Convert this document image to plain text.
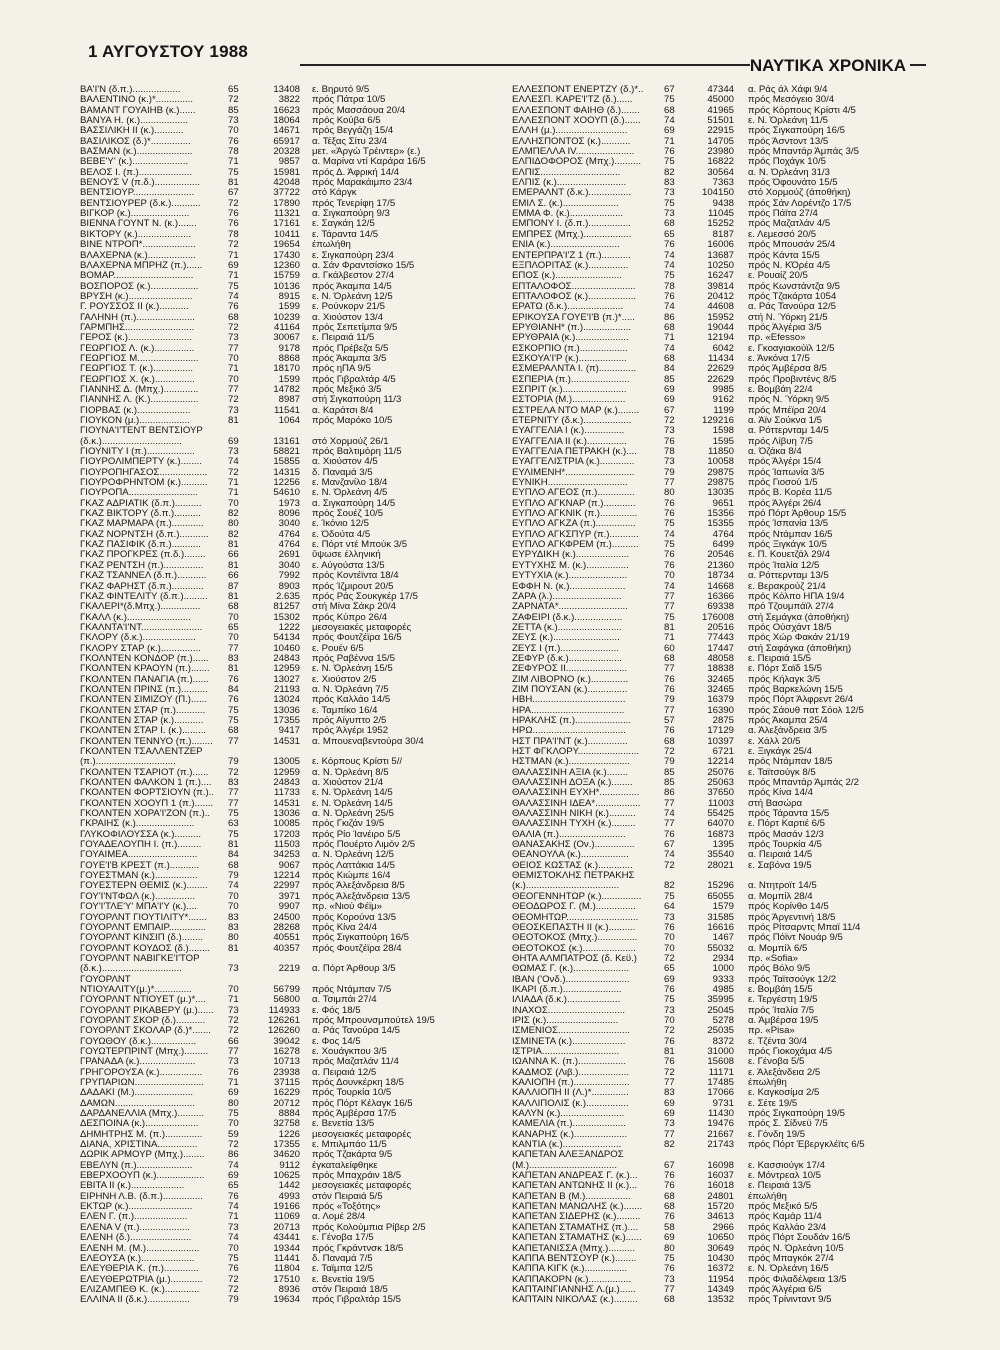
1 ΑΥΓΟΥΣΤΟΥ 1988
ΝΑΥΤΙΚΑ ΧΡΟΝΙΚΑ
ΒΑ'Ι'Ν (δ.π.)..................	65	13408 ε. Βηρυτό 9/5
ΒΑΛΕΝΤΙΝΟ (κ.)*..............	72	3822 πρός Πάτρα 10/5
ΒΑΜΑΝΤ ΓΟΥΑΙΗΒ (κ.)......	85	16623 πρός Μασσάουα 20/4
ΒΑΝΥΑ Η. (κ.)..................	73	18064 πρός Κούβα 6/5
ΒΑΣΣΙΛΙΚΗ ΙΙ (κ.)...........	70	14671 πρός Βεγγάζη 15/4
ΒΑΣΙΛΙΚΟΣ (δ.)*...............	76	65917 α. Τέξας Σίτυ 23/4
ΒΑΣΜΑΝ (κ.).....................	78	20328 μετ. «Άργώ Τρέιντερ» (ε.)
ΒΕΒΕ'Υ' (κ.).....................	71	9857 α. Μαρίνα ντί Καράρα 16/5
ΒΕΛΟΣ Ι. (π.)....................	75	15981 πρός Δ. Άφρική 14/4
ΒΕΝΟΥΣ V (π.δ.).................	81	42048 πρός Μαρακάιμπο 23/4
ΒΕΝΤΣΙΟΥΡ.......................	67	37722 στό Κάργκ
ΒΕΝΤΣΙΟΥΡΕΡ (δ.κ.)...........	72	17890 πρός Τενερίφη 17/5
ΒΙΓΚΟΡ (κ.)......................	76	11321 α. Σιγκαπούρη 9/3
ΒΙΕΝΝΑ ΓΟΥΝΤ Ν. (κ.).......	76	17161 ε. Σαγκάη 12/5
ΒΙΚΤΟΡΥ (κ.)....................	78	10411 ε. Τάραντα 14/5
ΒΙΝΕ ΝΤΡΟΠ*....................	72	19654 έπωλήθη
ΒΛΑΧΕΡΝΑ (κ.)..................	71	17430 ε. Σιγκαπούρη 23/4
ΒΛΑΧΕΡΝΑ ΜΠΡΗΖ (π.)......	69	12360 α. Σάν Φραντσίσκο 15/5
ΒΟΜΑΡ..............................	71	15759 α. Γκάλβεστον 27/4
ΒΟΣΠΟΡΟΣ (κ.)..................	75	10136 πρός Άκαμπα 14/5
ΒΡΥΣΗ (κ.)........................	74	8915 ε. Ν. Όρλεάνη 12/5
Γ. ΡΟΥΣΣΟΣ ΙΙ (κ.)...........	76	1599 ε. Ρούνκορν 21/5
ΓΑΛΗΝΗ (π.)......................	68	10239 α. Χιούστον 13/4
ΓΑΡΜΠΗΣ..........................	72	41164 πρός Σεπετίμπα 9/5
ΓΕΡΟΣ (κ.)........................	73	30067 ε. Πειραιά 11/5
ΓΕΩΡΓΙΟΣ Λ. (κ.)...............	77	9178 πρός Πρέβεζα 5/5
ΓΕΩΡΓΙΟΣ Μ.......................	70	8868 πρός Άκαμπα 3/5
ΓΕΩΡΓΙΟΣ Τ. (κ.)...............	71	18170 πρός ηΠΑ 9/5
ΓΕΩΡΓΙΟΣ Χ. (κ.)...............	70	1599 πρός Γιβραλτάρ 4/5
ΓΙΑΝΝΗΣ Δ. (Μπχ.).............	77	14782 πρός Μεξικό 3/5
ΓΙΑΝΝΗΣ Λ. (Κ.)..................	72	8987 στή Σιγκαπούρη 11/3
ΓΙΟΡΒΑΣ (κ.)....................	73	11541 α. Καράτσι 8/4
ΓΙΟΥΚΟΝ (μ.)...................	81	1064 πρός Μαρόκο 10/5
ΓΙΟΥΝΑ'Ι'ΤΕΝΤ ΒΕΝΤΣΙΟΥΡ
(δ.κ.)..............................	69	13161 στό Χορμούζ 26/1
ΓΙΟΥΝΙΤΥ Ι (π.)..................	73	58821 πρός Βαλτιμόρη 11/5
ΓΙΟΥΡΟΛΙΜΠΕΡΤΥ (κ.)........	74	15855 α. Χιούστον 4/5
ΓΙΟΥΡΟΠΗΓΑΣΟΣ..................	72	14315 δ. Παναμά 3/5
ΓΙΟΥΡΟΦΡΗΝΤΟΜ (κ.)..........	71	12256 ε. Μανζανίλο 18/4
ΓΙΟΥΡΟΠΑ..........................	71	54610 ε. Ν. Όρλεάνη 4/5
ΓΚΑΖ ΑΔΡΙΑΤΙΚ (δ.π.)..........	70	1973 α. Σιγκαπούρη 14/5
ΓΚΑΖ ΒΙΚΤΟΡΥ (δ.π.)..........	82	8096 πρός Σουέζ 10/5
ΓΚΑΖ ΜΑΡΜΑΡΑ (π.)............	80	3040 ε. Ίκόνιο 12/5
ΓΚΑΖ ΝΟΡΝΤΣΗ (δ.π.)...........	82	4764 ε. Όδούτα 4/5
ΓΚΑΖ ΠΑΣΙΦΙΚ (δ.π.)...........	81	4764 ε. Πόρτ ντέ Μπούκ 3/5
ΓΚΑΖ ΠΡΟΓΚΡΕΣ (π.δ.)........	66	2691 ΰψωσε έλληνική
ΓΚΑΖ ΡΕΝΤΣΗ (π.)...............	81	3040 ε. Αύγούστα 13/5
ΓΚΑΖ ΤΣΑΝΝΕΛ (δ.π.)...........	66	7992 πρός Κοντέϊντα 18/4
ΓΚΑΖ ΦΑΡΗΣΤ (δ.π.)............	87	8903 πρός Ίζμιρουτ 20/5
ΓΚΑΖ ΦΙΝΤΕΛΙΤΥ (δ.π.).........	81	2.635 πρός Ράς Σουκγκέρ 17/5
ΓΚΑΛΕΡΙ*(δ.Μπχ.)...............	68	81257 στή Μίνα Σάκρ 20/4
ΓΚΑΛΛ (κ.)........................	70	15302 πρός Κύπρο 26/4
ΓΚΑΛΝΤΑ'Ι'ΝΤ.......................	65	1222 μεσογειακές μεταφορές
ΓΚΛΟΡΥ (δ.κ.)....................	70	54134 πρός Φουτζέϊρα 16/5
ΓΚΛΟΡΥ ΣΤΑΡ (κ.)...............	77	10460 ε. Ρουέν 6/5
ΓΚΟΛΝΤΕΝ ΚΟΝΔΟΡ (π.)......	83	24843 πρός Ραβέννα 15/5
ΓΚΟΛΝΤΕΝ ΚΡΑΟΥΝ (π.).......	81	12959 ε. Ν. Όρλεάνη 15/5
ΓΚΟΛΝΤΕΝ ΠΑΝΑΓΙΑ (π.)......	76	13027 ε. Χιούστον 2/5
ΓΚΟΛΝΤΕΝ ΠΡΙΝΣ (π.)..........	84	21193 α. Ν. Όρλεάνη 7/5
ΓΚΟΛΝΤΕΝ ΣΙΜΙΖΟΥ (Π.)......	76	13024 πρός Καλλάο 14/5
ΓΚΟΛΝΤΕΝ ΣΤΑΡ (π.)...........	75	13036 ε. Ταμπίκο 16/4
ΓΚΟΛΝΤΕΝ ΣΤΑΡ (κ.)...........	75	17355 πρός Αίγυπτο 2/5
ΓΚΟΛΝΤΕΝ ΣΤΑΡ Ι. (κ.).........	68	9417 πρός Άλγέρι 1952
ΓΚΟΛΝΤΕΝ ΤΕΝΝΥΟ (π.)........	77	14531 α. Μπουεναβεντούρα 30/4
ΓΚΟΛΝΤΕΝ ΤΣΑΛΛΕΝΤΖΕΡ
(π.)..............................	79	13005 ε. Κόρπους Κρίστι 5//
ΓΚΟΛΝΤΕΝ ΤΣΑΡΙΟΤ (π.)......	72	12959 α. Ν. Όρλεάνη 8/5
ΓΚΟΛΝΤΕΝ ΦΑΛΚΟΝ 1 (π.)....	83	24843 α. Χιούστον 21/4
ΓΚΟΛΝΤΕΝ ΦΟΡΤΣΙΟΥΝ (π.)..	77	11733 ε. Ν. Όρλεάνη 14/5
ΓΚΟΛΝΤΕΝ ΧΟΟΥΠ 1 (π.).......	77	14531 ε. Ν. Όρλεάνη 14/5
ΓΚΟΛΝΤΕΝ ΧΟΡΑ'Ι'ΖΟΝ (π.)..	75	13036 α. Ν. Όρλεάνη 25/5
ΓΚΡΑΙΗΣ (κ.)......................	63	10085 πρός Γκιζάν 19/5
ΓΛΥΚΟΦΙΛΟΥΣΣΑ (κ.)..........	75	17203 πρός Ρίο Ίανέιρο 5/5
ΓΟΥΑΔΕΛΟΥΠΗ Ι. (π.).........	81	11503 πρός Πουέρτο Λιμόν 2/5
ΓΟΥΑΙΜΕΑ..........................	84	34253 α. Ν. Όρλεάνη 12/5
ΓΟΥΕ'Ι'Β ΚΡΕΣΤ (π.)...........	68	9067 πρός Λαττάκια 14/5
ΓΟΥΕΣΤΜΑΝ (κ.)................	79	12214 πρός Κιώμπε 16/4
ΓΟΥΕΣΤΕΡΝ ΘΕΜΙΣ (κ.)........	74	22997 πρός Άλεξάνδρεια 8/5
ΓΟΥ'Ι'ΝΤΦΩΛ (κ.)...............	70	3971 πρός Άλεξάνδρεια 13/5
ΓΟΥ'Ι'ΤΛΕ'Υ' ΜΠΑ'Ι'Υ (κ.)....	70	9907 πρ. «Νιού Φέϊμ»
ΓΟΥΟΡΛΝΤ ΓΙΟΥΤΙΛΙΤΥ*.......	83	24500 πρός Κορούνα 13/5
ΓΟΥΟΡΛΝΤ ΕΜΠΑΙΡ..............	83	28268 πρός Κίνα 24/4
ΓΟΥΟΡΛΝΤ ΚΙΝΣΙΠ (δ.)........	80	40551 πρός Σιγκαπούρη 16/5
ΓΟΥΟΡΛΝΤ ΚΟΥΔΟΣ (δ.)........	81	40357 πρός Φουτζέϊρα 28/4
ΓΟΥΟΡΛΝΤ ΝΑΒΙΓΚΕ'Ι'ΤΟΡ
(δ.κ.)..............................	73	2219 α. Πόρτ Άρθουρ 3/5
ΓΟΥΟΡΛΝΤ
ΝΤΙΟΥΑΛΙΤΥ(μ.)*..............	70	56799 πρός Ντάμπαν 7/5
ΓΟΥΟΡΛΝΤ ΝΤΙΟΥΕΤ (μ.)*....	71	56800 α. Τσιμπάι 27/4
ΓΟΥΟΡΛΝΤ ΡΙΚΑΒΕΡΥ (μ.)......	73	114933 ε. Φός 18/5
ΓΟΥΟΡΛΝΤ ΣΚΟΡ (δ.)...........	72	126261 πρός Μπρουνσμπούτελ 19/5
ΓΟΥΟΡΛΝΤ ΣΚΟΛΑΡ (δ.)*.......	72	126260 α. Ράς Τανούρα 14/5
ΓΟΥΩΘΟΥ (δ.κ.).................	66	39042 ε. Φος 14/5
ΓΟΥΩΤΕΡΠΡΙΝΤ (Μπχ.).........	77	16278 ε. Χουάγκπου 3/5
ΓΡΑΝΑΔΑ (κ.).....................	73	10713 πρός Μαζατλάν 11/4
ΓΡΗΓΟΡΟΥΣΑ (κ.)................	76	23938 α. Πειραιά 12/5
ΓΡΥΠΑΡΙΩΝ..........................	71	37115 πρός Δουνκέρκη 18/5
ΔΑΔΑΚΙ (Μ.)......................	69	16229 πρός Τουρκία 10/5
ΔΑΜΩΝ..............................	80	20712 πρός Πόρτ Κέλαγκ 16/5
ΔΑΡΔΑΝΕΛΛΙΑ (Μπχ.)..........	75	8884 πρός Άμβέρσα 17/5
ΔΕΣΠΟΙΝΑ (κ.)....................	70	32758 ε. Βενετία 13/5
ΔΗΜΗΤΡΗΣ Μ. (π.)..............	59	1226 μεσογειακές μεταφορές
ΔΙΑΝΑ, ΧΡΙΣΤΙΝΑ...............	72	17355 ε. Μπιλμπάο 11/5
ΔΩΡΙΚ ΑΡΜΟΥΡ (Μπχ.)........	86	34620 πρός Τζακάρτα 9/5
ΕΒΕΛΥΝ (π.).....................	74	9112 έγκαταλείφθηκε
ΕΒΕΡΧΟΟΥΠ (κ.)..................	69	10625 πρός Μπαχράιν 18/5
ΕΒΙΤΑ ΙΙ (κ.)....................	65	1442 μεσογειακές μεταφορές
ΕΙΡΗΝΗ Λ.Β. (δ.π.)...............	76	4993 στόν Πειραιά 5/5
ΕΚΤΩΡ (κ.)........................	74	19166 πρός «Τοξότης»
ΕΛΕΝ Γ. (π.)....................	71	11069 α. Λομέ 28/4
ΕΛΕΝΑ V (π.)...................	73	20713 πρός Κολούμπια Ρίβερ 2/5
ΕΛΕΝΗ (δ.).......................	74	43441 ε. Γένοβα 17/5
ΕΛΕΝΗ Μ. (Μ.)....................	70	19344 πρός Γκράντνσκ 18/5
ΕΛΕΟΥΣΑ (κ.)....................	75	11441 δ. Παναμά 7/5
ΕΛΕΥΘΕΡΙΑ Κ. (π.).............	76	11804 ε. Ταϊμπα 12/5
ΕΛΕΥΘΕΡΩΤΡΙΑ (μ.)............	72	17510 ε. Βενετία 19/5
ΕΛΙΖΑΜΠΕΘ Κ. (κ.).............	72	8936 στόν Πειραιά 18/5
ΕΛΛΙΝΑ ΙΙ (δ.κ.)................	79	19634 πρός Γιβραλτάρ 15/5
ΕΛΛΕΣΠΟΝΤ ΕΝΕΡΤΖΥ (δ.)*..	67	47344 α. Ράς άλ Χάφι 9/4
ΕΛΛΕΣΠ. ΚΑΡΕ'Ι'ΤΖ (δ.)......	75	45000 πρός Μεσόγειο 30/4
ΕΛΛΕΣΠΟΝΤ ΦΑΙΗΘ (δ.).......	68	41965 πρός Κόρπους Κρίστι 4/5
ΕΛΛΕΣΠΟΝΤ ΧΟΟΥΠ (δ.)......	74	51501 ε. Ν. Όρλεάνη 11/5
ΕΛΛΗ (μ.)...........................	69	22915 πρός Σιγκαπούρη 16/5
ΕΛΛΗΣΠΟΝΤΟΣ (κ.)...........	71	14705 πρός Άσντοντ 13/5
ΕΛΜΠΕΛΛΑ IV......................	76	23980 πρός Μπαντάρ Άμπάς 3/5
ΕΛΠΙΔΟΦΟΡΟΣ (Μπχ.)..........	75	16822 πρός Ποχάγκ 10/5
ΕΛΠΙΣ..............................	82	30564 α. Ν. Όρλεάνη 31/3
ΕΛΠΙΣ (κ.)..........................	83	7363 πρός Όφουνάτο 15/5
ΕΜΕΡΑΛΝΤ (δ.κ.)................	73	104150 στό Χορμούζ (άποθήκη)
ΕΜΙΛ Σ. (κ.).....................	75	9438 πρός Σάν Λορέντζο 17/5
ΕΜΜΑ Φ. (κ.)....................	73	11045 πρός Πάϊτα 27/4
ΕΜΠΟΝΥ Ι. (δ.π.)................	68	15252 πρός Μαζατλάν 4/5
ΕΜΠΡΕΣ (Μπχ.)..................	65	8187 ε. Λεμεσσό 20/5
ΕΝΙΑ (κ.)..........................	76	16006 πρός Μπουσάν 25/4
ΕΝΤΕΡΠΡΑ'Ι'Ζ 1 (π.)...........	74	13687 πρός Κάντα 15/5
ΕΞΠΛΟΡΙΤΑΣ (κ.)...............	74	10250 πρός Ν. ΚΌρέα 4/5
ΕΠΟΣ (κ.).........................	75	16247 ε. Ρουαίζ 20/5
ΕΠΤΑΛΟΦΟΣ........................	78	39814 πρός Κωνστάντζα 9/5
ΕΠΤΑΛΟΦΟΣ (κ.)..................	76	20412 πρός Τζακάρτα 1054
ΕΡΑΤΩ (δ.κ.).....................	74	44608 α. Ράς Τανούρα 12/5
ΕΡΙΚΟΥΣΑ ΓΟΥΕ'Ι'Β (π.)*.....	86	15952 στή Ν. Ύόρκη 21/5
ΕΡΥΘΙΑΝΗ* (π.)..................	68	19044 πρός Άλγέρια 3/5
ΕΡΥΘΡΑΙΑ (κ.)....................	71	12194 πρ. «Efesso»
ΕΣΚΟΡΠΙΟ (π.)..................	74	6042 ε. Γκοαγιακούϊλ 12/5
ΕΣΚΟΥΑ'Ι'Ρ (κ.)..................	68	11434 ε. Άνκόνα 17/5
ΕΣΜΕΡΑΛΝΤΑ Ι. (π)..............	84	22629 πρός Άμβέρσα 8/5
ΕΣΠΕΡΙΑ (π.)......................	85	22629 πρός Προβιντένς 8/5
ΕΣΠΡΙΤ (κ.)........................	69	9985 ε. Βομβάη 22/4
ΕΣΤΟΡΙΑ (Μ.)....................	69	9162 πρός Ν. Ύόρκη 9/5
ΕΣΤΡΕΛΑ ΝΤΟ ΜΑΡ (κ.)........	67	1199 πρός Μπέϊρα 20/4
ΕΤΕΡΝΙΤΥ (δ.κ.)..................	72	129216 α. Άϊν Σούκνα 1/5
ΕΥΑΓΓΕΛΙΑ Ι (κ.)...............	73	1598 α. Ρόττερνταμ 14/5
ΕΥΑΓΓΕΛΙΑ ΙΙ (κ.)...............	76	1595 πρός Λίβυη 7/5
ΕΥΑΓΓΕΛΙΑ ΠΕΤΡΑΚΗ (κ.)....	78	11850 α. Όζάκα 8/4
ΕΥΑΓΓΕΛΙΣΤΡΙΑ (κ.).............	73	10058 πρός Άλγέρι 15/4
ΕΥΛΙΜΕΝΗ*..........................	79	29875 πρός Ίαπωνία 3/5
ΕΥΝΙΚΗ..............................	77	29875 πρός Γιοσού 1/5
ΕΥΠΛΟ ΑΓΕΟΣ (π.)..............	80	13035 πρός Β. Κορέα 11/5
ΕΥΠΛΟ ΑΓΚΝΑΡ (π.)............	76	9651 πρός Άλγέρι 26/4
ΕΥΠΛΟ ΑΓΚΝΙΚ (π.)..............	76	15356 πρό Πόρτ Άρθουρ 15/5
ΕΥΠΛΟ ΑΓΚΖΑ (π.)...............	75	15355 πρός Ίσπανία 13/5
ΕΥΠΛΟ ΑΓΚΣΠΥΡ (π.)...........	74	4764 πρός Ντάμπαν 16/5
ΕΥΠΛΟ ΑΓΚΦΡΕΜ (π.)..........	75	6499 πρός Ξιγκάγκ 10/5
ΕΥΡΥΔΙΚΗ (κ.)....................	76	20546 ε. Π. Κουετζάλ 29/4
ΕΥΤΥΧΗΣ Μ. (κ.)................	76	21360 πρός Ίταλία 12/5
ΕΥΤΥΧΙΑ (κ.)......................	70	18734 α. Ρόττερνταμ 13/5
ΕΦΦΗ Ν. (κ.).....................	74	14668 ε. Βερακρούζ 21/4
ΖΑΡΑ (λ.)..........................	77	16366 πρός Κόλπο ΗΠΑ 19/4
ΖΑΡΝΑΤΑ*..........................	77	69338 πρό Τζουμπάϊλ 27/4
ΖΑΦΕΙΡΙ (δ.κ.)..................	75	176008 στή Σεμάγκα (άποθήκη)
ΖΕΤΤΑ (κ.)........................	81	20516 πρός Ούσχάντ 18/5
ΖΕΥΣ (κ.).........................	71	77443 πρός Χώρ Φακάν 21/19
ΖΕΥΣ Ι (π.)......................	60	17447 στή Σαφάγκα (άποθήκη)
ΖΕΦΥΡ (δ.κ.)....................	68	48058 ε. Πειραιά 15/5
ΖΕΦΥΡΟΣ ΙΙ.......................	77	18838 ε. Πόρτ Σαϊδ 15/5
ΖΙΜ ΛΙΒΟΡΝΟ (κ.)..............	76	32465 πρός Κήλαγκ 3/5
ΖΙΜ ΠΟΥΣΑΝ (κ.)...............	76	32465 πρός Βαρκελώνη 15/5
ΗΒΗ...................................	79	16379 πρός Πόρτ Άλφρεντ 26/4
ΗΡΑ...................................	77	16390 πρός Σάουθ πατ Σόολ 12/5
ΗΡΑΚΛΗΣ (π.).....................	57	2875 πρός Άκαμπα 25/4
ΗΡΩ...................................	76	17129 α. Άλεξάνδρεια 3/5
ΗΣΤ ΠΡΑ'Ι'ΝΤ (κ.)...............	68	10397 ε. Χάλλ 20/5
ΗΣΤ ΦΓΚΛΟΡΥ.......................	72	6721 ε. Ξιγκάγκ 25/4
ΗΣΤΜΑΝ (κ.).......................	79	12214 πρός Ντάμπαν 18/5
ΘΑΛΑΣΣΙΝΗ ΑΞΙΑ (κ.)........	85	25076 ε. Ταϊτσούγκ 8/5
ΘΑΛΑΣΣΙΝΗ ΔΟΞΑ (κ.)........	85	25063 πρός Μπαντάρ Άμπάς 2/2
ΘΑΛΑΣΣΙΝΗ ΕΥΧΗ*...............	86	37650 πρός Κίνα 14/4
ΘΑΛΑΣΣΙΝΗ ΙΔΕΑ*.................	77	11003 στή Βασώρα
ΘΑΛΑΣΣΙΝΗ ΝΙΚΗ (κ.)..........	74	55425 πρός Τάραντα 15/5
ΘΑΛΑΣΣΙΝΗ ΤΥΧΗ (κ.).........	77	64070 ε. Πόρτ Καρτιέ 6/5
ΘΑΛΙΑ (π.).........................	76	16873 πρός Μασάν 12/3
ΘΑΝΑΣΑΚΗΣ (Ον.)...............	67	1395 πρός Τουρκία 4/5
ΘΕΑΝΟΥΛΑ (κ.)..................	74	35540 α. Πειραιά 14/5
ΘΕΙΟΣ ΚΩΣΤΑΣ (κ.).............	72	28021 ε. Σαβόνα 19/5
ΘΕΜΙΣΤΟΚΛΗΣ ΠΕΤΡΑΚΗΣ
(κ.)...................................	82	15296 α. Ντητροϊτ 14/5
ΘΕΟΓΕΝΝΗΤΩΡ (κ.)...............	75	65055 α. Μομπίλ 28/4
ΘΕΟΔΩΡΟΣ Γ. (Μ.)...............	64	1579 πρός Κορίνθο 14/5
ΘΕΟΜΗΤΩΡ...........................	73	31585 πρός Άργεντινή 18/5
ΘΕΟΣΚΕΠΑΣΤΗ ΙΙ (κ.)..........	76	16616 πρός Ρίτσαρντς Μπαϊ 11/4
ΘΕΟΤΟΚΟΣ (Μπχ.)...............	70	1467 πρός Πόϊντ Νουάρ 9/5
ΘΕΟΤΟΚΟΣ (κ.)....................	70	55032 α. Μομπίλ 6/5
ΘΗΤΑ ΑΛΜΠΑΤΡΟΣ (δ. Κεϋ.)	72	2934 πρ. «Sofia»
ΘΩΜΑΣ Γ. (κ.).....................	65	1000 πρός Βόλο 9/5
ΙΒΑΝ ('Ονδ.)........................	69	9333 πρός Ταϊτσούγκ 12/2
ΙΚΑΡΙ (δ.π.)......................	76	4985 ε. Βομβάη 15/5
ΙΛΙΑΔΑ (δ.κ.)....................	75	35995 ε. Τεργέστη 19/5
ΙΝΑΧΟΣ.............................	73	25045 πρός Ίταλία 7/5
ΙΡΙΣ (κ.)...........................	70	5278 α. Άμβέρσα 19/5
ΙΣΜΕΝΙΟΣ...........................	72	25035 πρ. «Pisa»
ΙΣΜΙΝΕΤΑ (κ.)....................	76	8372 ε. Τζέντα 30/4
ΙΣΤΡΙΑ.............................	81	31000 πρός Γιοκοχάμα 4/5
ΙΩΑΝΝΑ Κ. (π.)..................	76	15608 ε. Γένοβα 5/5
ΚΑΔΜΟΣ (Λιβ.)...................	72	11171 ε. Άλεξάνδεια 2/5
ΚΑΛΙΟΠΗ (π.).....................	77	17485 έπωλήθη
ΚΑΛΛΙΟΠΗ ΙΙ (Λ.)*..............	83	17066 ε. Καγκοσίμα 2/5
ΚΑΛΛΙΠΟΛΙΣ (κ.)................	69	9731 ε. Σέτε 19/5
ΚΑΛΥΝ (κ.)........................	69	11430 πρός Σιγκαπούρη 19/5
ΚΑΜΕΛΙΑ (π.)....................	73	19476 πρός Σ. Σίδνεϋ 7/5
ΚΑΝΑΡΗΣ (κ.)....................	77	21667 ε. Γόνδη 19/5
ΚΑΝΤΙΑ (κ.)......................	82	21743 πρός Πόρτ Έβεργκλέϊτς 6/5
ΚΑΠΕΤΑΝ ΑΛΕΞΑΝΔΡΟΣ
(Μ.).................................	67	16098 ε. Κασσιούγκ 17/4
ΚΑΠΕΤΑΝ ΑΝΔΡΕΑΣ Γ. (κ.)...	76	16037 ε. Μόντρεαλ 10/5
ΚΑΠΕΤΑΝ ΑΝΤΩΝΗΣ ΙΙ (κ.)...	76	16018 ε. Πειραιά 13/5
ΚΑΠΕΤΑΝ Β (Μ.).................	68	24801 έπωλήθη
ΚΑΠΕΤΑΝ ΜΑΝΩΛΗΣ (κ.).......	68	15720 πρός Μεξικό 5/5
ΚΑΠΕΤΑΝ ΣΙΔΕΡΗΣ (κ.).........	76	34613 πρός Καμάρ 11/4
ΚΑΠΕΤΑΝ ΣΤΑΜΑΤΗΣ (π.)....	58	2966 πρός Καλλάο 23/4
ΚΑΠΕΤΑΝ ΣΤΑΜΑΤΗΣ (κ.)......	69	10650 πρός Πόρτ Σουδάν 16/5
ΚΑΠΕΤΑΝΙΣΣΑ (Μπχ.)..........	80	30649 πρός Ν. Όρλεάνη 10/5
ΚΑΠΠΑ ΒΕΝΤΣΟΥΡ (κ.)........	75	10430 πρός Μπαγκόκ 27/4
ΚΑΠΠΑ ΚΙΓΚ (κ.)................	76	16372 ε. Ν. Όρλεάνη 16/5
ΚΑΠΠΑΚΟΡΝ (κ.)................	73	11954 πρός Φιλαδέλφεια 13/5
ΚΑΠΤΑΙΝΓΙΑΝΝΗΣ Λ.(μ.)......	77	14349 πρός Άλγέρια 6/5
ΚΑΠΤΑΙΝ ΝΙΚΟΛΑΣ (κ.).........	68	13532 πρός Τρίνινταντ 9/5
